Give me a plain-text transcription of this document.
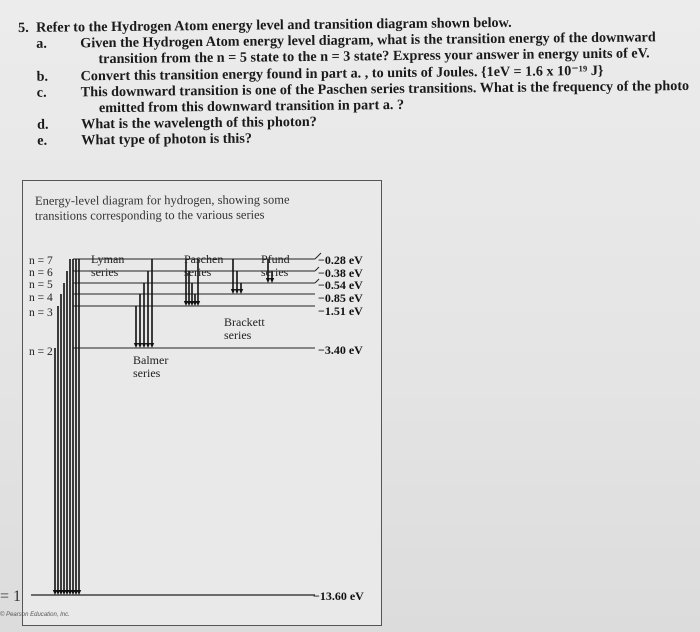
5. Refer to the Hydrogen Atom energy level and transition diagram shown below.
a.	Given the Hydrogen Atom energy level diagram, what is the transition energy of the downward
transition from the n = 5 state to the n = 3 state? Express your answer in energy units of eV.
b.	Convert this transition energy found in part a. , to units of Joules. {1eV = 1.6 x 10⁻¹⁹ J}
c.	This downward transition is one of the Paschen series transitions. What is the frequency of the photo
emitted from this downward transition in part a. ?
d.	What is the wavelength of this photon?
e.	What type of photon is this?
Energy-level diagram for hydrogen, showing some
transitions corresponding to the various series
n = 7
n = 6
n = 5
n = 4
n = 3
n = 2
−0.28 eV
−0.38 eV
−0.54 eV
−0.85 eV
−1.51 eV
−3.40 eV
−13.60 eV
Lyman
series
Paschen
series
Pfund
series
Brackett
series
Balmer
series
= 1
© Pearson Education, Inc.
